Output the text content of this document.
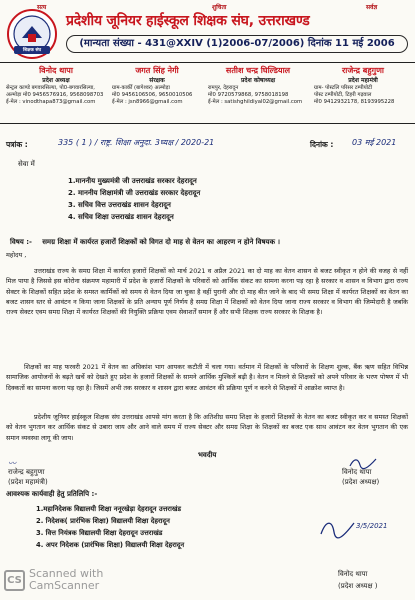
सत्य	शुचिता	सर्वज्ञ
शिक्षक संघ
प्रदेशीय जूनियर हाईस्कूल शिक्षक संघ, उत्तराखण्ड
(मान्यता संख्या - 431@XXIV (1)2006-07/2006) दिनांक 11 मई 2006
विनोद थापा
प्रदेश अध्यक्ष
सेन्ट्रल काण्डे बगवारसिल्या, पो0-बगवारसिल्या,
अल्मोड़ा मो0 9456576916, 9568098703
ई-मेल : vinodthapa873@gmail.com
जगत सिंह नेगी
संरक्षक
ग्राम-कार्की (बागेश्वर) अल्मोड़ा
मो0 9456106506, 9650010506
ई-मेल : jsn8966@gmail.com
सतीश चन्द्र घिल्डियाल
प्रदेश कोषाध्यक्ष
रामपुर, देहरादून
मो0 9720579868, 9758018198
ई-मेल : satishghildiyal02@gmail.com
राजेन्द्र बहुगुणा
प्रदेश महामंत्री
ग्राम- पोस्टलि परिसर टम्पीयोटी
पोस्ट टम्पीयोटी, टिहरी गढ़वाल
मो0 9412932178, 8193995228
पत्रांक :	335 ( 1 ) / राष्ट्र. शिक्षा अनुदा. 3घ्यक्ष / 2020-21	दिनांक : 03 मई 2021
सेवा में
1.माननीय मुख्यमंत्री जी उत्तराखंड सरकार देहरादून
2. माननीय शिक्षामंत्री जी उत्तराखंड सरकार देहरादून
3. सचिव वित्त उत्तराखंड शासन देहरादून
4. सचिव शिक्षा उत्तराखंड शासन देहरादून
विषय :- समग्र शिक्षा में कार्यरत हजारों शिक्षकों को विगत दो माह से वेतन का आहरण न होने विषयक ।
महोदय ,
उत्तराखंड राज्य के समग्र शिक्षा में कार्यरत हजारों शिक्षकों को मार्च 2021 व अप्रैल 2021 का दो माह का वेतन शासन से बजट स्वीकृत न होने की वजह से नहीं मिल पाया है जिससे इस कोरोना संक्रमण महामारी में प्रदेश के हजारों शिक्षकों के परिवारों को आर्थिक संकट का सामना करना पड़ रहा है सरकार व शासन व विभाग द्वारा राज्य सेक्टर के शिक्षकों सहित प्रदेश के समस्त कार्मिकों को समय से वेतन दिया जा चुका है वहीं पुरानी और दो माह बीत जाने के बाद भी समग्र शिक्षा में कार्यरत शिक्षकों का वेतन का बजट शासन स्तर से आवंटन न किया जाना शिक्षकों के प्रति अन्याय पूर्ण निर्णय है समग्र शिक्षा में शिक्षकों को वेतन दिया जाना राज्य सरकार व विभाग की जिम्मेदारी है जबकि राज्य सेक्टर एवम समग्र शिक्षा में कार्यरत शिक्षकों की नियुक्ति प्रक्रिया एवम सेवाशर्तें समान हैं और सभी शिक्षक राज्य सरकार के शिक्षक है।
शिक्षकों का माह फरवरी 2021 में वेतन का अधिकांश भाग आयकर कटौती में चला गया। वर्तमान में शिक्षकों के परिवारों के शिक्षण शुल्क, बैंक ऋण सहित विभिन्न सामाजिक आयोजनों के बढ़ते खर्चे को देखते हुए प्रदेश के हजारों शिक्षकों के सामने आर्थिक मुश्किलें बढ़ी है। वेतन न मिलने से शिक्षकों को अपने परिवार के भरण पोषण में भी दिक्कतों का सामना करना पड़ रहा है। जिसमें अभी तक सरकार व शासन द्वारा बजट आवंटन की प्रक्रिया पूर्ण न करने से शिक्षकों में आक्रोश व्याप्त है।
प्रदेशीय जूनियर हाईस्कूल शिक्षक संघ उत्तराखंड आपसे मांग करता है कि अतिशीघ्र समग्र शिक्षा के हजारों शिक्षकों के वेतन का बजट स्वीकृत कर व समस्त शिक्षकों को वेतन भुगतान कर आर्थिक संकट से उबारा जाय और आने वाले समय में राज्य सेक्टर और समग्र शिक्षा के शिक्षकों का बजट एक साथ आवंटन कर वेतन भुगतान की एक समान व्यवस्था लागू की जाय।
भवदीय
〰︎
राजेन्द्र बहुगुणा
(प्रदेश महामंत्री)
विनोद थापा
(प्रदेश अध्यक्ष)
आवश्यक कार्यवाही हेतु प्रतिलिपि :-
1.महानिदेशक विद्यालयी शिक्षा ननूरखेड़ा देहरादून उत्तराखंड
2. निदेशक( प्रारंभिक शिक्षा) विद्यालयी शिक्षा देहरादून
3. वित्त नियंत्रक विद्यालयी शिक्षा देहरादून उत्तराखंड
4. अपर निदेशक (प्रारंभिक शिक्षा) विद्यालयी शिक्षा देहरादून
3/5/2021
विनोद थापा
(प्रदेश अध्यक्ष )
CS Scanned with
CamScanner
